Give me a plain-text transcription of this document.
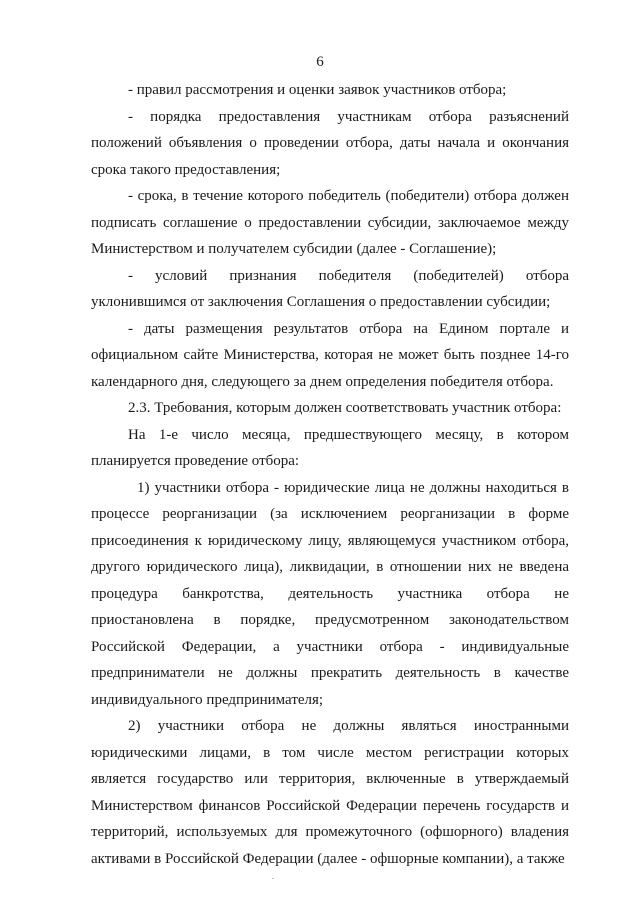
6

- правил рассмотрения и оценки заявок участников отбора;

- порядка предоставления участникам отбора разъяснений положений объявления о проведении отбора, даты начала и окончания срока такого предоставления;

- срока, в течение которого победитель (победители) отбора должен подписать соглашение о предоставлении субсидии, заключаемое между Министерством и получателем субсидии (далее - Соглашение);

- условий признания победителя (победителей) отбора уклонившимся от заключения Соглашения о предоставлении субсидии;

- даты размещения результатов отбора на Едином портале и официальном сайте Министерства, которая не может быть позднее 14-го календарного дня, следующего за днем определения победителя отбора.

2.3. Требования, которым должен соответствовать участник отбора:

На 1-е число месяца, предшествующего месяцу, в котором планируется проведение отбора:

1) участники отбора - юридические лица не должны находиться в процессе реорганизации (за исключением реорганизации в форме присоединения к юридическому лицу, являющемуся участником отбора, другого юридического лица), ликвидации, в отношении них не введена процедура банкротства, деятельность участника отбора не приостановлена в порядке, предусмотренном законодательством Российской Федерации, а участники отбора - индивидуальные предприниматели не должны прекратить деятельность в качестве индивидуального предпринимателя;

2) участники отбора не должны являться иностранными юридическими лицами, в том числе местом регистрации которых является государство или территория, включенные в утверждаемый Министерством финансов Российской Федерации перечень государств и территорий, используемых для промежуточного (офшорного) владения активами в Российской Федерации (далее - офшорные компании), а также
